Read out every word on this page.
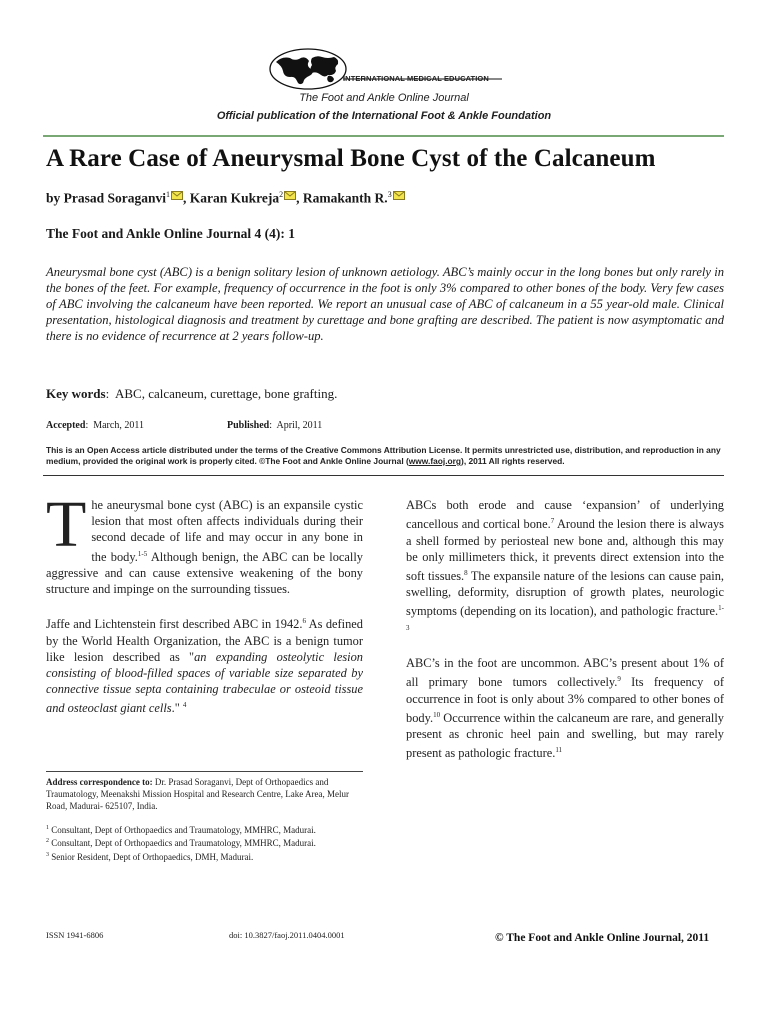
INTERNATIONAL MEDICAL EDUCATION
The Foot and Ankle Online Journal
Official publication of the International Foot & Ankle Foundation
A Rare Case of Aneurysmal Bone Cyst of the Calcaneum
by Prasad Soraganvi$^1$ , Karan Kukreja$^2$ , Ramakanth R.$^3$
The Foot and Ankle Online Journal 4 (4): 1
Aneurysmal bone cyst (ABC) is a benign solitary lesion of unknown aetiology. ABC’s mainly occur in the long bones but only rarely in the bones of the feet. For example, frequency of occurrence in the foot is only 3% compared to other bones of the body. Very few cases of ABC involving the calcaneum have been reported. We report an unusual case of ABC of calcaneum in a 55 year-old male. Clinical presentation, histological diagnosis and treatment by curettage and bone grafting are described. The patient is now asymptomatic and there is no evidence of recurrence at 2 years follow-up.
Key words:  ABC, calcaneum, curettage, bone grafting.
Accepted:  March, 2011	Published:  April, 2011
This is an Open Access article distributed under the terms of the Creative Commons Attribution License. It permits unrestricted use, distribution, and reproduction in any medium, provided the original work is properly cited. ©The Foot and Ankle Online Journal (www.faoj.org), 2011 All rights reserved.

The aneurysmal bone cyst (ABC) is an expansile cystic lesion that most often affects individuals during their second decade of life and may occur in any bone in the body.$^{1-5}$ Although benign, the ABC can be locally aggressive and can cause extensive weakening of the bony structure and impinge on the surrounding tissues.

Jaffe and Lichtenstein first described ABC in 1942.$^6$ As defined by the World Health Organization, the ABC is a benign tumor like lesion described as "an expanding osteolytic lesion consisting of blood-filled spaces of variable size separated by connective tissue septa containing trabeculae or osteoid tissue and osteoclast giant cells." $^4$

ABCs both erode and cause ‘expansion’ of underlying cancellous and cortical bone.$^7$ Around the lesion there is always a shell formed by periosteal new bone and, although this may be only millimeters thick, it prevents direct extension into the soft tissues.$^8$ The expansile nature of the lesions can cause pain, swelling, deformity, disruption of growth plates, neurologic symptoms (depending on its location), and pathologic fracture.$^{1-3}$

ABC’s in the foot are uncommon. ABC’s present about 1% of all primary bone tumors collectively.$^9$ Its frequency of occurrence in foot is only about 3% compared to other bones of body.$^{10}$ Occurrence within the calcaneum are rare, and generally present as chronic heel pain and swelling, but may rarely present as pathologic fracture.$^{11}$

Address correspondence to: Dr. Prasad Soraganvi, Dept of Orthopaedics and Traumatology, Meenakshi Mission Hospital and Research Centre, Lake Area, Melur Road, Madurai- 625107, India.
$^1$ Consultant, Dept of Orthopaedics and Traumatology, MMHRC, Madurai.
$^2$ Consultant, Dept of Orthopaedics and Traumatology, MMHRC, Madurai.
$^3$ Senior Resident, Dept of Orthopaedics, DMH, Madurai.
ISSN 1941-6806	doi: 10.3827/faoj.2011.0404.0001	© The Foot and Ankle Online Journal, 2011
